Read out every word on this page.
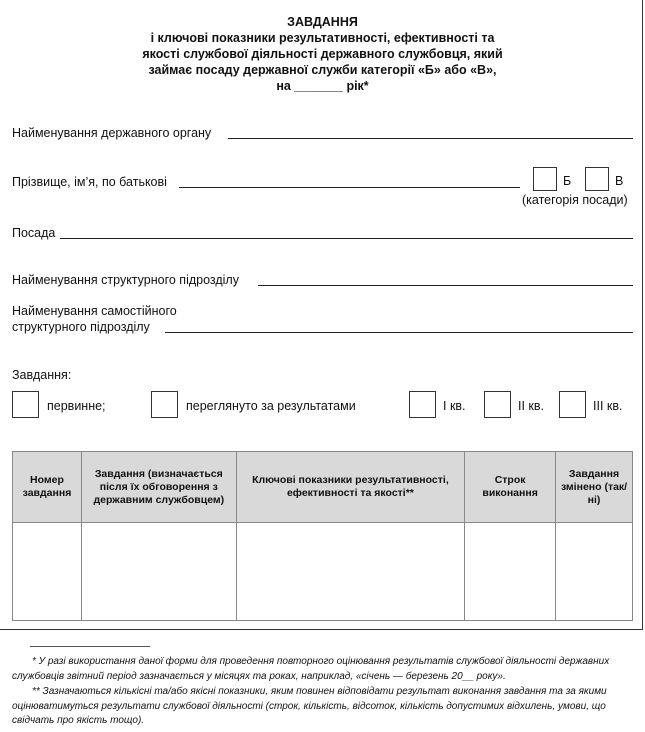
ЗАВДАННЯ
і ключові показники результативності, ефективності та
якості службової діяльності державного службовця, який
займає посаду державної служби категорії «Б» або «В»,
на _______ рік*
Найменування державного органу
Прізвище, ім’я, по батькові	Б	В
(категорія посади)
Посада
Найменування структурного підрозділу
Найменування самостійного
структурного підрозділу
Завдання:
первинне;	переглянуто за результатами	І кв.	ІІ кв.	ІІІ кв.
Номер завдання	Завдання (визначається після їх обговорення з державним службовцем)	Ключові показники результативності, ефективності та якості**	Строк виконання	Завдання змінено (так/ні)

* У разі використання даної форми для проведення повторного оцінювання результатів службової діяльності державних службовців звітний період зазначається у місяцях та роках, наприклад, «січень — березень 20__ року».
** Зазначаються кількісні та/або якісні показники, яким повинен відповідати результат виконання завдання та за якими оцінюватимуться результати службової діяльності (строк, кількість, відсоток, кількість допустимих відхилень, умови, що свідчать про якість тощо).
